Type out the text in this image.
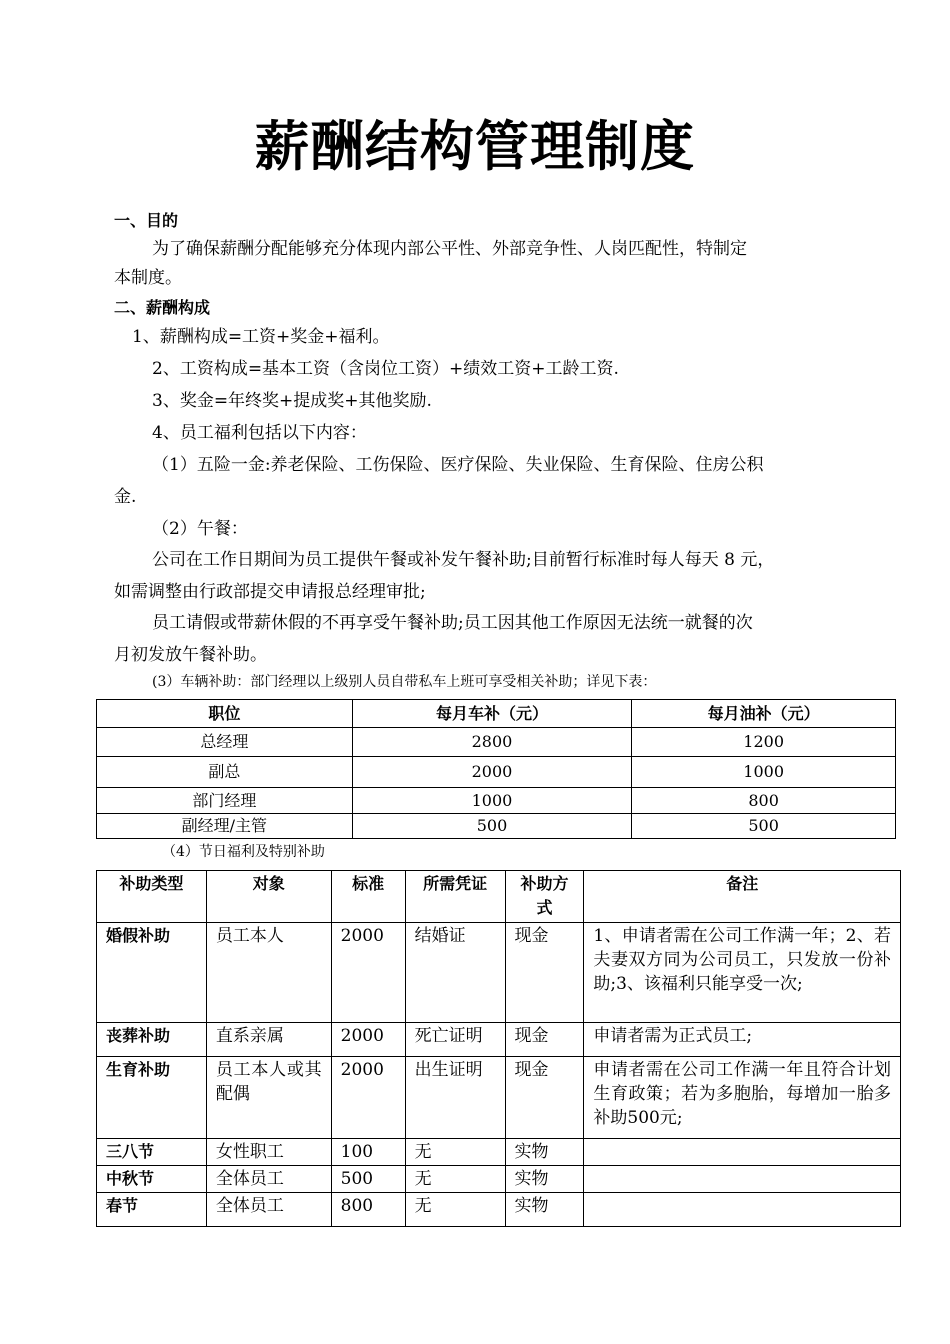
薪酬结构管理制度
一、目的
为了确保薪酬分配能够充分体现内部公平性、外部竞争性、人岗匹配性，特制定
本制度。
二、薪酬构成
1、薪酬构成=工资+奖金+福利。
2、工资构成=基本工资（含岗位工资）+绩效工资+工龄工资.
3、奖金=年终奖+提成奖+其他奖励.
4、员工福利包括以下内容：
（1）五险一金:养老保险、工伤保险、医疗保险、失业保险、生育保险、住房公积
金.
（2）午餐：
公司在工作日期间为员工提供午餐或补发午餐补助;目前暂行标准时每人每天 8 元，
如需调整由行政部提交申请报总经理审批;
员工请假或带薪休假的不再享受午餐补助;员工因其他工作原因无法统一就餐的次
月初发放午餐补助。
(3）车辆补助：部门经理以上级别人员自带私车上班可享受相关补助；详见下表：
职位	每月车补（元）	每月油补（元）
总经理	2800	1200
副总	2000	1000
部门经理	1000	800
副经理/主管	500	500
（4）节日福利及特别补助
补助类型	对象	标准	所需凭证	补助方式	备注
婚假补助	员工本人	2000	结婚证	现金	1、申请者需在公司工作满一年；2、若夫妻双方同为公司员工，只发放一份补助;3、该福利只能享受一次;
丧葬补助	直系亲属	2000	死亡证明	现金	申请者需为正式员工;
生育补助	员工本人或其配偶	2000	出生证明	现金	申请者需在公司工作满一年且符合计划生育政策；若为多胞胎，每增加一胎多补助500元;
三八节	女性职工	100	无	实物	
中秋节	全体员工	500	无	实物	
春节	全体员工	800	无	实物	
